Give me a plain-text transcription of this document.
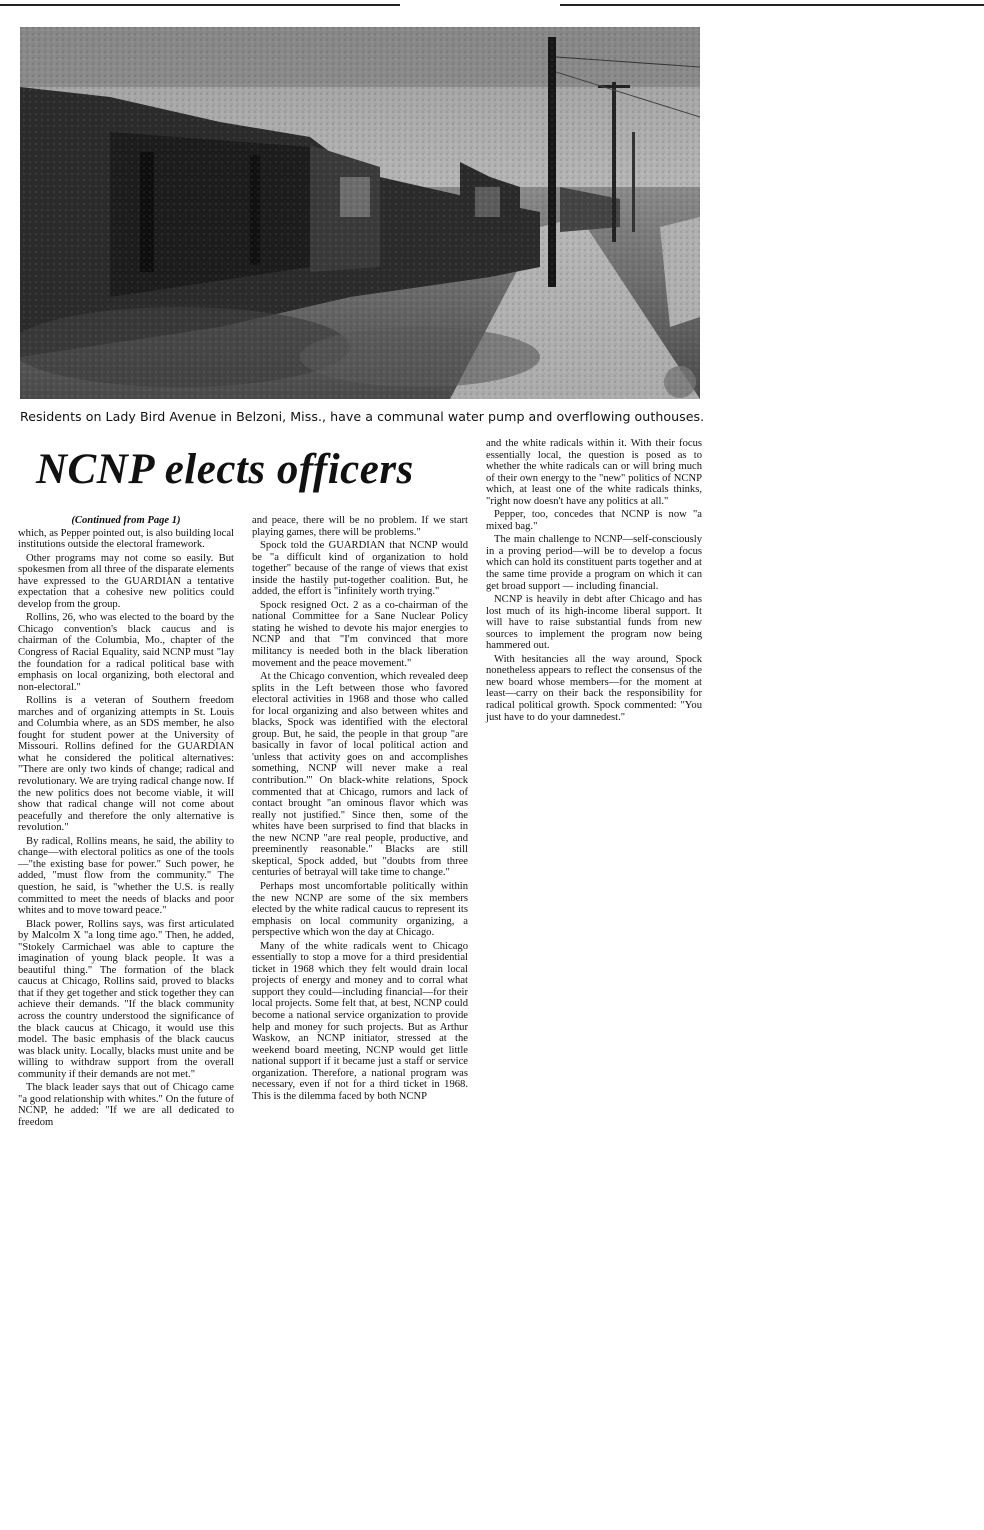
Residents on Lady Bird Avenue in Belzoni, Miss., have a communal water pump and overflowing outhouses.
NCNP elects officers

(Continued from Page 1)

which, as Pepper pointed out, is also building local institutions outside the electoral framework.

Other programs may not come so easily. But spokesmen from all three of the disparate elements have expressed to the GUARDIAN a tentative expectation that a cohesive new politics could develop from the group.

Rollins, 26, who was elected to the board by the Chicago convention's black caucus and is chairman of the Columbia, Mo., chapter of the Congress of Racial Equality, said NCNP must "lay the foundation for a radical political base with emphasis on local organizing, both electoral and non-electoral."

Rollins is a veteran of Southern freedom marches and of organizing attempts in St. Louis and Columbia where, as an SDS member, he also fought for student power at the University of Missouri. Rollins defined for the GUARDIAN what he considered the political alternatives: "There are only two kinds of change; radical and revolutionary. We are trying radical change now. If the new politics does not become viable, it will show that radical change will not come about peacefully and therefore the only alternative is revolution."

By radical, Rollins means, he said, the ability to change—with electoral politics as one of the tools—"the existing base for power." Such power, he added, "must flow from the community." The question, he said, is "whether the U.S. is really committed to meet the needs of blacks and poor whites and to move toward peace."

Black power, Rollins says, was first articulated by Malcolm X "a long time ago." Then, he added, "Stokely Carmichael was able to capture the imagination of young black people. It was a beautiful thing." The formation of the black caucus at Chicago, Rollins said, proved to blacks that if they get together and stick together they can achieve their demands. "If the black community across the country understood the significance of the black caucus at Chicago, it would use this model. The basic emphasis of the black caucus was black unity. Locally, blacks must unite and be willing to withdraw support from the overall community if their demands are not met."

The black leader says that out of Chicago came "a good relationship with whites." On the future of NCNP, he added: "If we are all dedicated to freedom

and peace, there will be no problem. If we start playing games, there will be problems."

Spock told the GUARDIAN that NCNP would be "a difficult kind of organization to hold together" because of the range of views that exist inside the hastily put-together coalition. But, he added, the effort is "infinitely worth trying."

Spock resigned Oct. 2 as a co-chairman of the national Committee for a Sane Nuclear Policy stating he wished to devote his major energies to NCNP and that "I'm convinced that more militancy is needed both in the black liberation movement and the peace movement."

At the Chicago convention, which revealed deep splits in the Left between those who favored electoral activities in 1968 and those who called for local organizing and also between whites and blacks, Spock was identified with the electoral group. But, he said, the people in that group "are basically in favor of local political action and 'unless that activity goes on and accomplishes something, NCNP will never make a real contribution.'" On black-white relations, Spock commented that at Chicago, rumors and lack of contact brought "an ominous flavor which was really not justified." Since then, some of the whites have been surprised to find that blacks in the new NCNP "are real people, productive, and preeminently reasonable." Blacks are still skeptical, Spock added, but "doubts from three centuries of betrayal will take time to change."

Perhaps most uncomfortable politically within the new NCNP are some of the six members elected by the white radical caucus to represent its emphasis on local community organizing, a perspective which won the day at Chicago.

Many of the white radicals went to Chicago essentially to stop a move for a third presidential ticket in 1968 which they felt would drain local projects of energy and money and to corral what support they could—including financial—for their local projects. Some felt that, at best, NCNP could become a national service organization to provide help and money for such projects. But as Arthur Waskow, an NCNP initiator, stressed at the weekend board meeting, NCNP would get little national support if it became just a staff or service organization. Therefore, a national program was necessary, even if not for a third ticket in 1968. This is the dilemma faced by both NCNP

and the white radicals within it. With their focus essentially local, the question is posed as to whether the white radicals can or will bring much of their own energy to the "new" politics of NCNP which, at least one of the white radicals thinks, "right now doesn't have any politics at all."

Pepper, too, concedes that NCNP is now "a mixed bag."

The main challenge to NCNP—self-consciously in a proving period—will be to develop a focus which can hold its constituent parts together and at the same time provide a program on which it can get broad support — including financial.

NCNP is heavily in debt after Chicago and has lost much of its high-income liberal support. It will have to raise substantial funds from new sources to implement the program now being hammered out.

With hesitancies all the way around, Spock nonetheless appears to reflect the consensus of the new board whose members—for the moment at least—carry on their back the responsibility for radical political growth. Spock commented: "You just have to do your damnedest."
